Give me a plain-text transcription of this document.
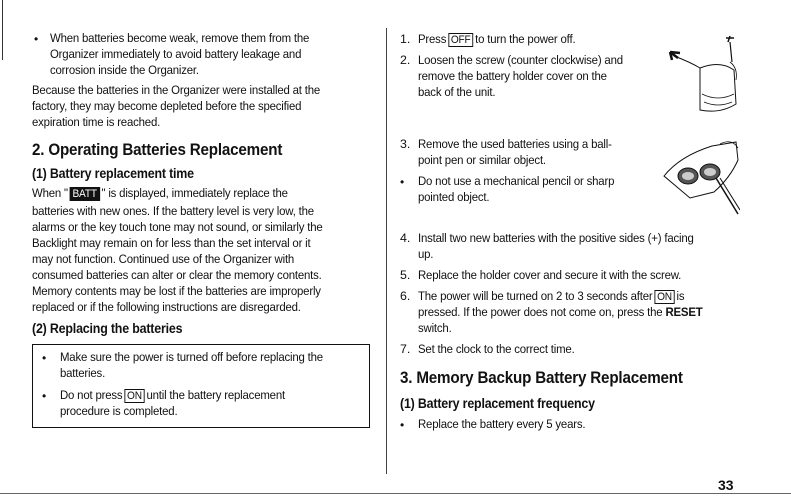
• When batteries become weak, remove them from the
Organizer immediately to avoid battery leakage and
corrosion inside the Organizer.
Because the batteries in the Organizer were installed at the
factory, they may become depleted before the specified
expiration time is reached.
2. Operating Batteries Replacement
(1) Battery replacement time
When " BATT " is displayed, immediately replace the
batteries with new ones. If the battery level is very low, the
alarms or the key touch tone may not sound, or similarly the
Backlight may remain on for less than the set interval or it
may not function. Continued use of the Organizer with
consumed batteries can alter or clear the memory contents.
Memory contents may be lost if the batteries are improperly
replaced or if the following instructions are disregarded.
(2) Replacing the batteries
• Make sure the power is turned off before replacing the
batteries.
• Do not press ON until the battery replacement
procedure is completed.
1. Press OFF to turn the power off.
2. Loosen the screw (counter clockwise) and
remove the battery holder cover on the
back of the unit.
3. Remove the used batteries using a ball-
point pen or similar object.
• Do not use a mechanical pencil or sharp
pointed object.
4. Install two new batteries with the positive sides (+) facing
up.
5. Replace the holder cover and secure it with the screw.
6. The power will be turned on 2 to 3 seconds after ON is
pressed. If the power does not come on, press the RESET
switch.
7. Set the clock to the correct time.
3. Memory Backup Battery Replacement
(1) Battery replacement frequency
• Replace the battery every 5 years.
33
